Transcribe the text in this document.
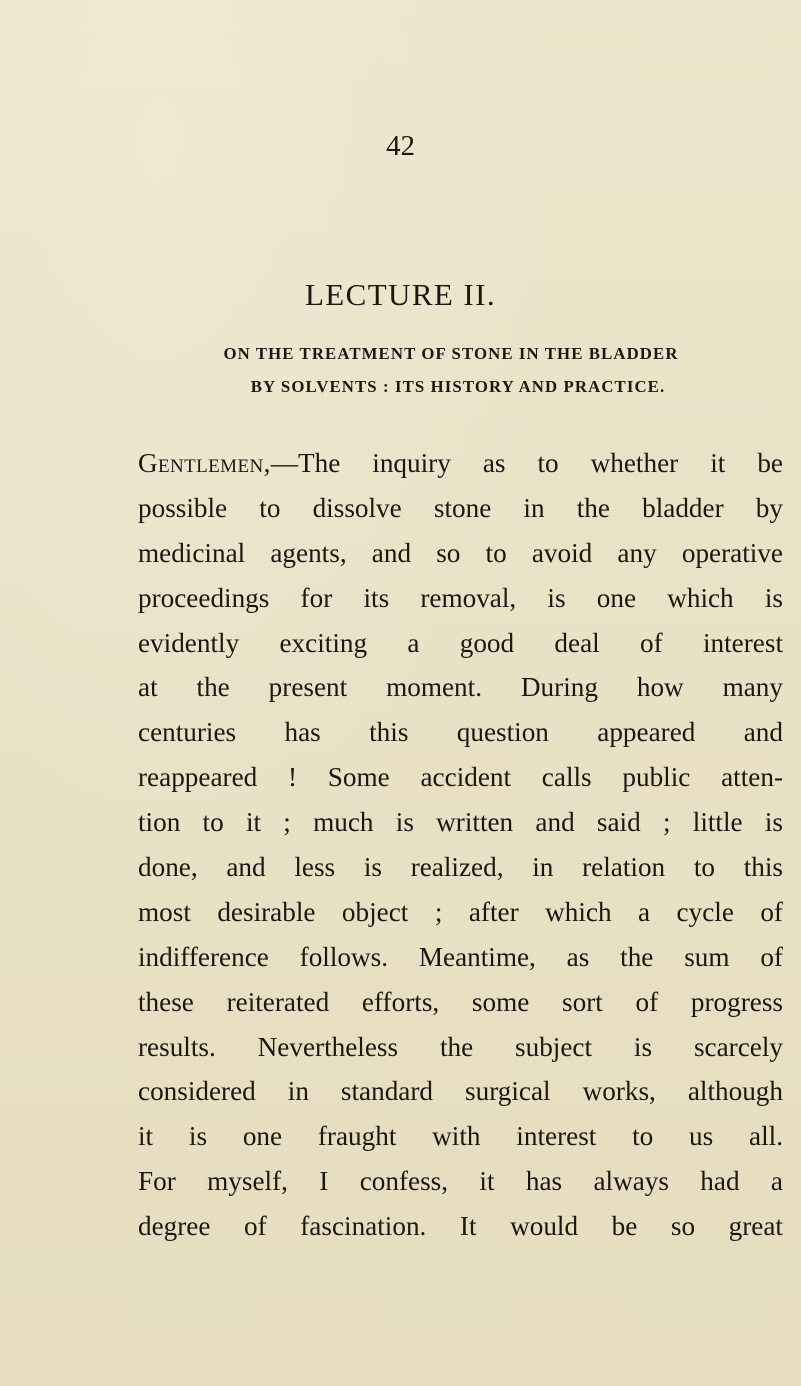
42
LECTURE II.
ON THE TREATMENT OF STONE IN THE BLADDER
BY SOLVENTS : ITS HISTORY AND PRACTICE.
Gentlemen,—The inquiry as to whether it be
possible to dissolve stone in the bladder by
medicinal agents, and so to avoid any operative
proceedings for its removal, is one which is
evidently exciting a good deal of interest
at the present moment. During how many
centuries has this question appeared and
reappeared ! Some accident calls public atten-
tion to it ; much is written and said ; little is
done, and less is realized, in relation to this
most desirable object ; after which a cycle of
indifference follows. Meantime, as the sum of
these reiterated efforts, some sort of progress
results. Nevertheless the subject is scarcely
considered in standard surgical works, although
it is one fraught with interest to us all.
For myself, I confess, it has always had a
degree of fascination. It would be so great
